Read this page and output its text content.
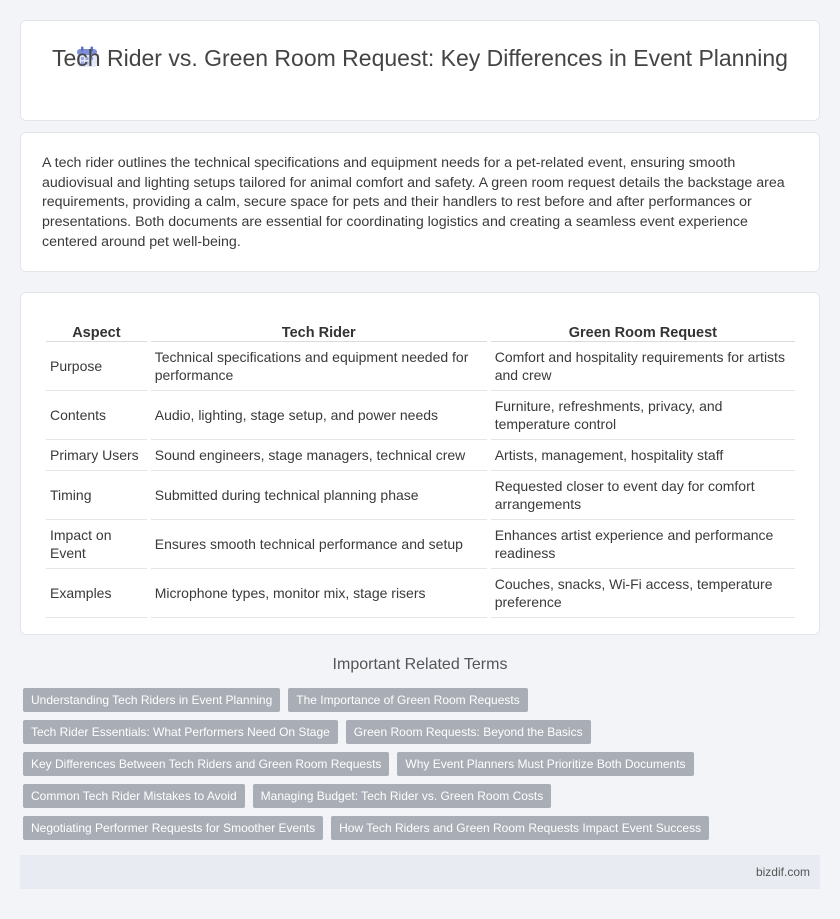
Tech Rider vs. Green Room Request: Key Differences in Event Planning

A tech rider outlines the technical specifications and equipment needs for a pet-related event, ensuring smooth audiovisual and lighting setups tailored for animal comfort and safety. A green room request details the backstage area requirements, providing a calm, secure space for pets and their handlers to rest before and after performances or presentations. Both documents are essential for coordinating logistics and creating a seamless event experience centered around pet well-being.

Aspect	Tech Rider	Green Room Request
Purpose	Technical specifications and equipment needed for performance	Comfort and hospitality requirements for artists and crew
Contents	Audio, lighting, stage setup, and power needs	Furniture, refreshments, privacy, and temperature control
Primary Users	Sound engineers, stage managers, technical crew	Artists, management, hospitality staff
Timing	Submitted during technical planning phase	Requested closer to event day for comfort arrangements
Impact on Event	Ensures smooth technical performance and setup	Enhances artist experience and performance readiness
Examples	Microphone types, monitor mix, stage risers	Couches, snacks, Wi-Fi access, temperature preference
Important Related Terms
Understanding Tech Riders in Event Planning	The Importance of Green Room Requests
Tech Rider Essentials: What Performers Need On Stage	Green Room Requests: Beyond the Basics
Key Differences Between Tech Riders and Green Room Requests	Why Event Planners Must Prioritize Both Documents
Common Tech Rider Mistakes to Avoid	Managing Budget: Tech Rider vs. Green Room Costs
Negotiating Performer Requests for Smoother Events	How Tech Riders and Green Room Requests Impact Event Success
bizdif.com
